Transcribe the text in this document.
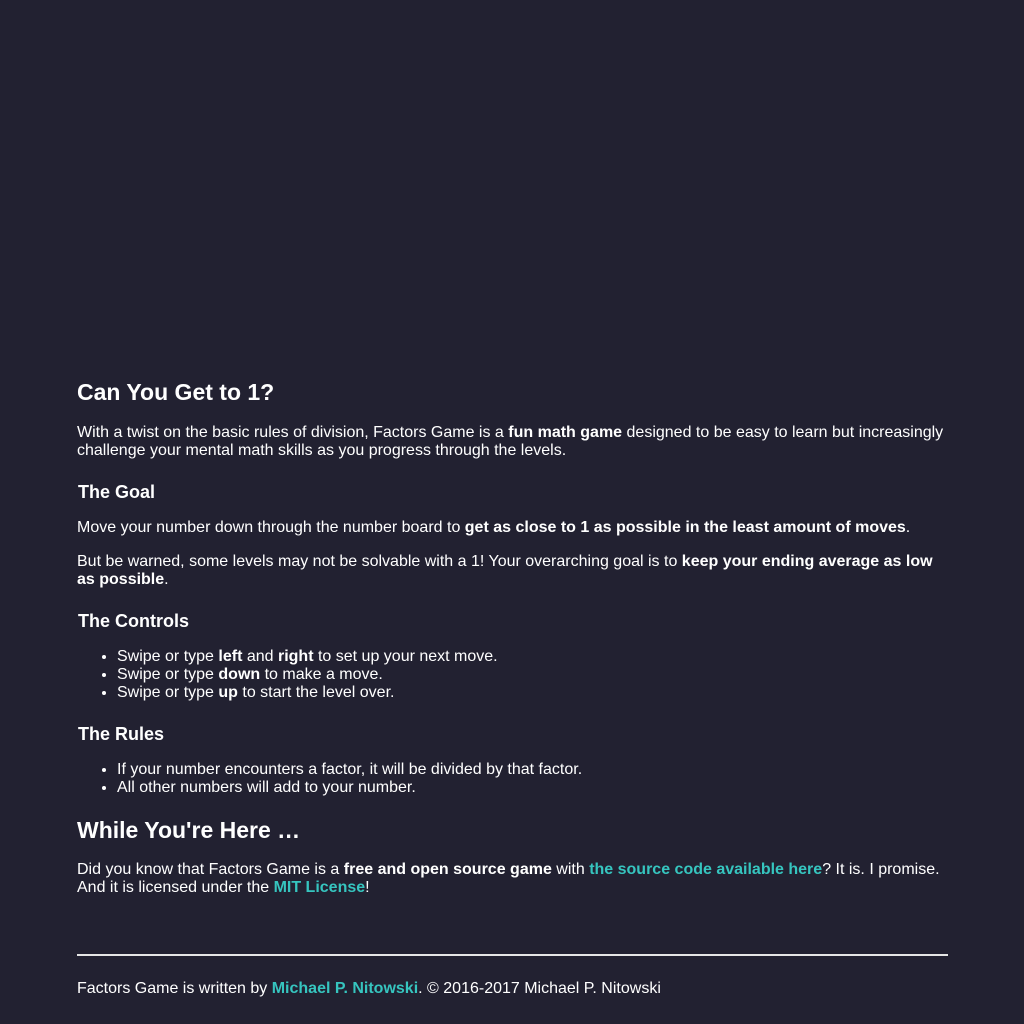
Can You Get to 1?

With a twist on the basic rules of division, Factors Game is a fun math game designed to be easy to learn but increasingly challenge your mental math skills as you progress through the levels.

The Goal

Move your number down through the number board to get as close to 1 as possible in the least amount of moves.

But be warned, some levels may not be solvable with a 1! Your overarching goal is to keep your ending average as low as possible.

The Controls
• Swipe or type left and right to set up your next move.
• Swipe or type down to make a move.
• Swipe or type up to start the level over.
The Rules
• If your number encounters a factor, it will be divided by that factor.
• All other numbers will add to your number.
While You're Here …

Did you know that Factors Game is a free and open source game with the source code available here? It is. I promise. And it is licensed under the MIT License!

Factors Game is written by Michael P. Nitowski. © 2016-2017 Michael P. Nitowski
